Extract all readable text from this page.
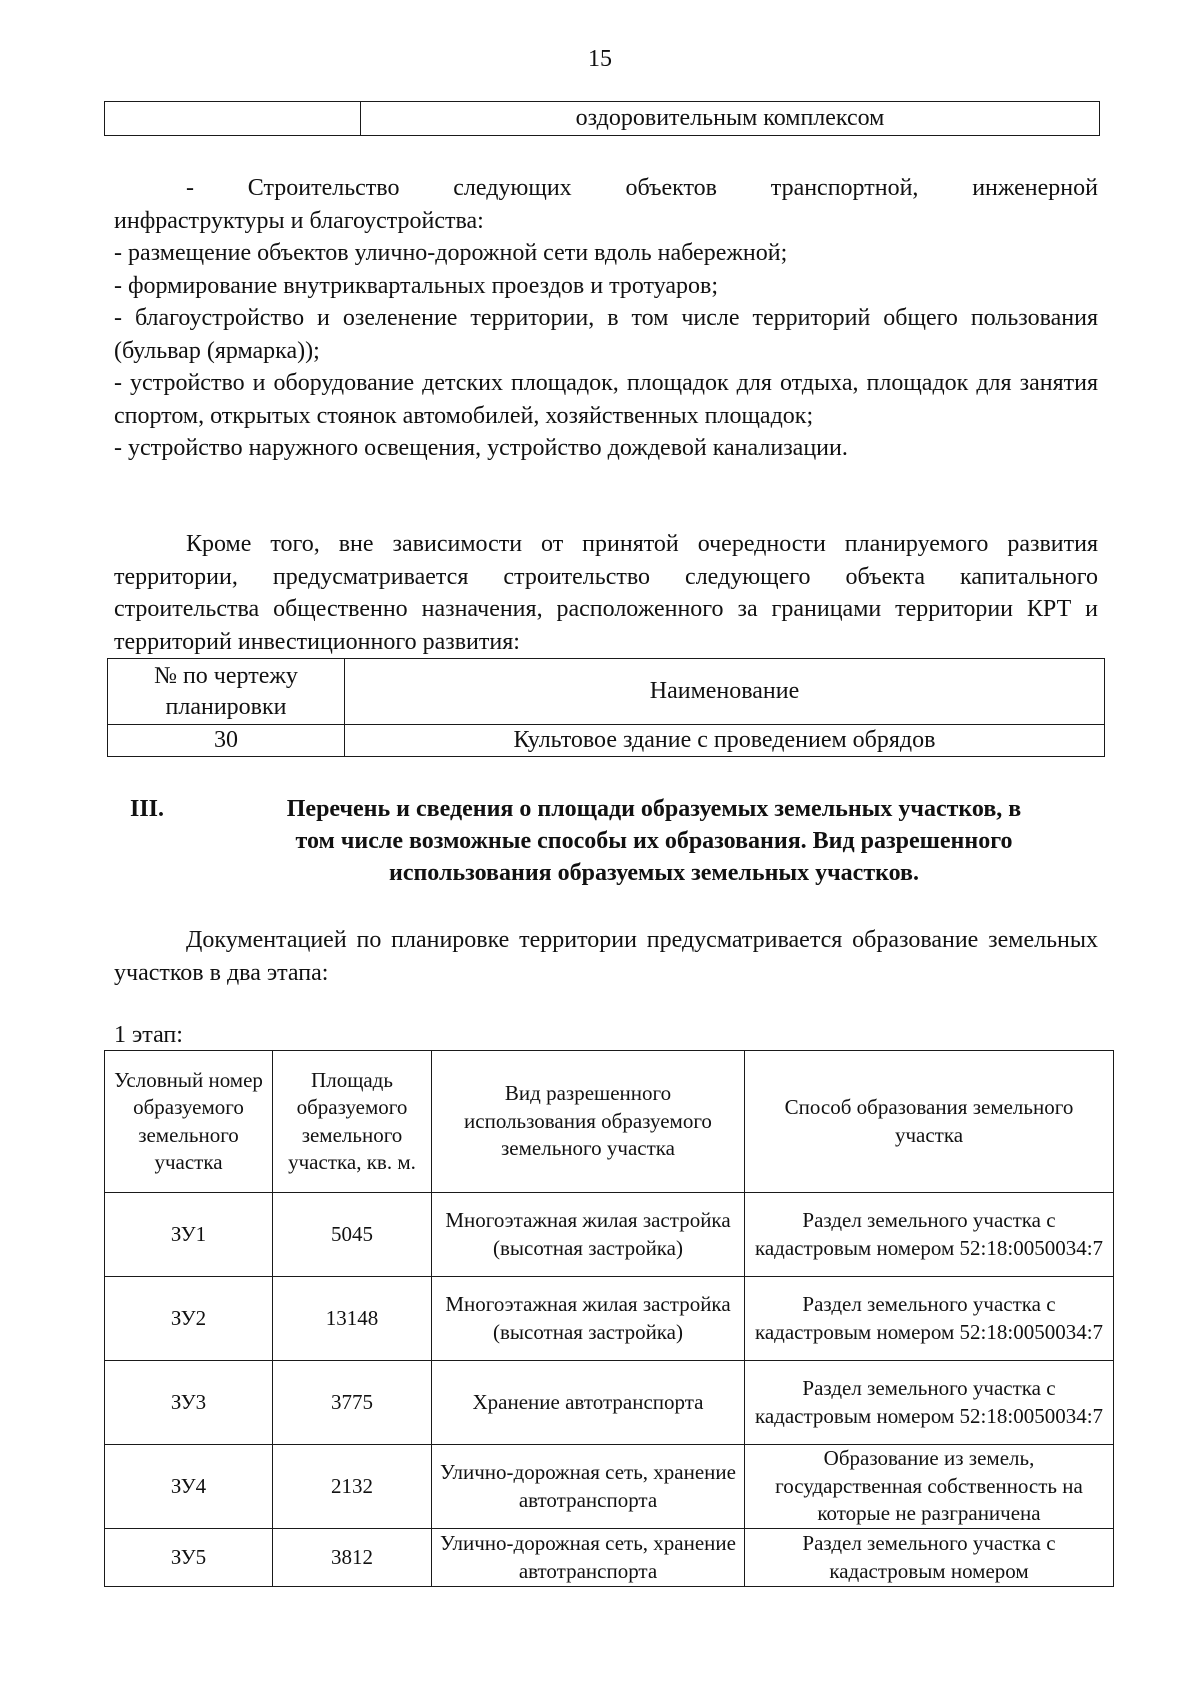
15
	оздоровительным комплексом
- Строительство следующих объектов транспортной, инженерной
инфраструктуры и благоустройства:
- размещение объектов улично-дорожной сети вдоль набережной;
- формирование внутриквартальных проездов и тротуаров;
- благоустройство и озеленение территории, в том числе территорий общего пользования (бульвар (ярмарка));
- устройство и оборудование детских площадок, площадок для отдыха, площадок для занятия спортом, открытых стоянок автомобилей, хозяйственных площадок;
- устройство наружного освещения, устройство дождевой канализации.
Кроме того, вне зависимости от принятой очередности планируемого развития территории, предусматривается строительство следующего объекта капитального строительства общественно назначения, расположенного за границами территории КРТ и территорий инвестиционного развития:
№ по чертежу планировки	Наименование
30	Культовое здание с проведением обрядов
III.	Перечень и сведения о площади образуемых земельных участков, в
том числе возможные способы их образования. Вид разрешенного
использования образуемых земельных участков.
Документацией по планировке территории предусматривается образование земельных участков в два этапа:
1 этап:
Условный номер образуемого земельного участка	Площадь образуемого земельного участка, кв. м.	Вид разрешенного использования образуемого земельного участка	Способ образования земельного участка
ЗУ1	5045	Многоэтажная жилая застройка (высотная застройка)	Раздел земельного участка с кадастровым номером 52:18:0050034:7
ЗУ2	13148	Многоэтажная жилая застройка (высотная застройка)	Раздел земельного участка с кадастровым номером 52:18:0050034:7
ЗУ3	3775	Хранение автотранспорта	Раздел земельного участка с кадастровым номером 52:18:0050034:7
ЗУ4	2132	Улично-дорожная сеть, хранение автотранспорта	Образование из земель, государственная собственность на которые не разграничена
ЗУ5	3812	Улично-дорожная сеть, хранение автотранспорта	Раздел земельного участка с кадастровым номером
